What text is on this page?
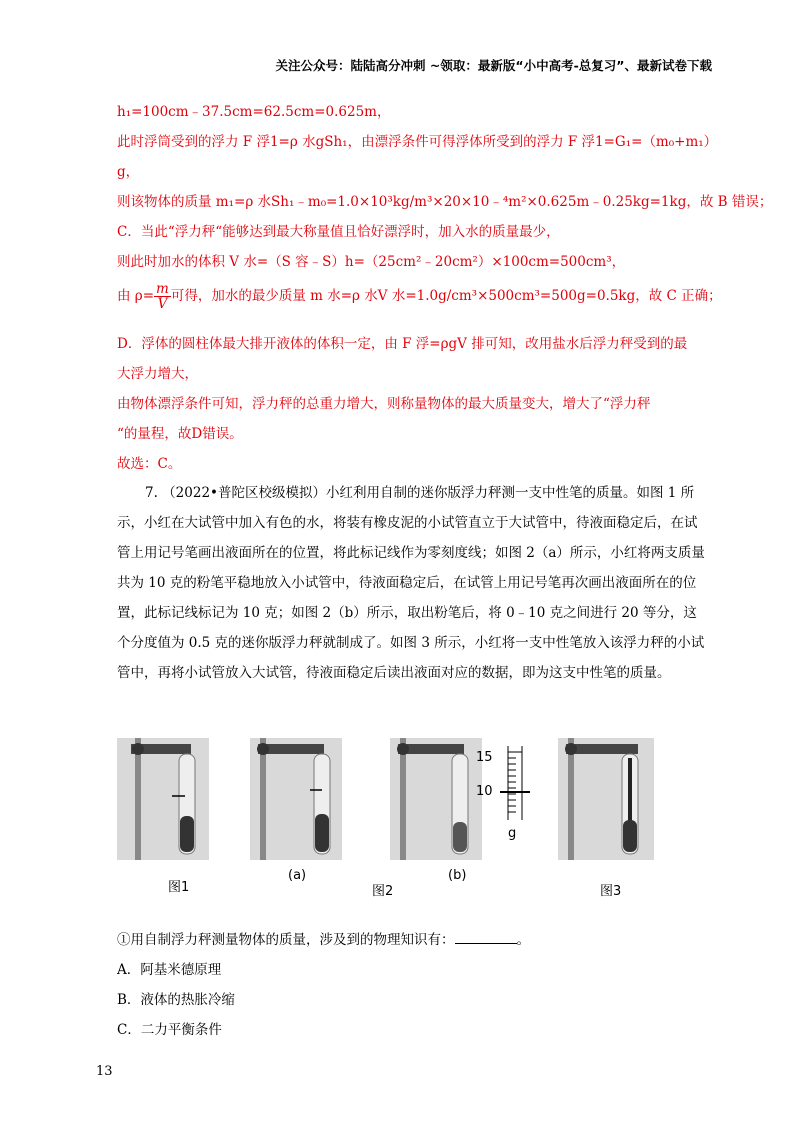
关注公众号：陆陆高分冲刺 ~领取：最新版“小中高考-总复习”、最新试卷下载
h₁=100cm﹣37.5cm=62.5cm=0.625m，
此时浮筒受到的浮力 F 浮1=ρ 水gSh₁，由漂浮条件可得浮体所受到的浮力 F 浮1=G₁=（m₀+m₁）
g，
则该物体的质量 m₁=ρ 水Sh₁﹣m₀=1.0×10³kg/m³×20×10﹣⁴m²×0.625m﹣0.25kg=1kg，故 B 错误；
C．当此“浮力秤“能够达到最大称量值且恰好漂浮时，加入水的质量最少，
则此时加水的体积 V 水=（S 容﹣S）h=（25cm²﹣20cm²）×100cm=500cm³，
由 $\rho= \frac{m}{V}$ 可得，加水的最少质量 m 水=ρ 水V 水=1.0g/cm³×500cm³=500g=0.5kg，故 C 正确；
D．浮体的圆柱体最大排开液体的体积一定，由 F 浮=ρgV 排可知，改用盐水后浮力秤受到的最
大浮力增大，
由物体漂浮条件可知，浮力秤的总重力增大，则称量物体的最大质量变大，增大了“浮力秤
“的量程，故D错误。
故选：C。

7. （2022•普陀区校级模拟）小红利用自制的迷你版浮力秤测一支中性笔的质量。如图 1 所示，小红在大试管中加入有色的水，将装有橡皮泥的小试管直立于大试管中，待液面稳定后，在试管上用记号笔画出液面所在的位置，将此标记线作为零刻度线；如图 2（a）所示，小红将两支质量共为 10 克的粉笔平稳地放入小试管中，待液面稳定后，在试管上用记号笔再次画出液面所在的位置，此标记线标记为 10 克；如图 2（b）所示，取出粉笔后，将 0﹣10 克之间进行 20 等分，这个分度值为 0.5 克的迷你版浮力秤就制成了。如图 3 所示，小红将一支中性笔放入该浮力秤的小试管中，再将小试管放入大试管，待液面稳定后读出液面对应的数据，即为这支中性笔的质量。

图1
(a)	(b)
图2
15
10
g
图3
①用自制浮力秤测量物体的质量，涉及到的物理知识有：	。
A．阿基米德原理
B．液体的热胀冷缩
C．二力平衡条件
13
